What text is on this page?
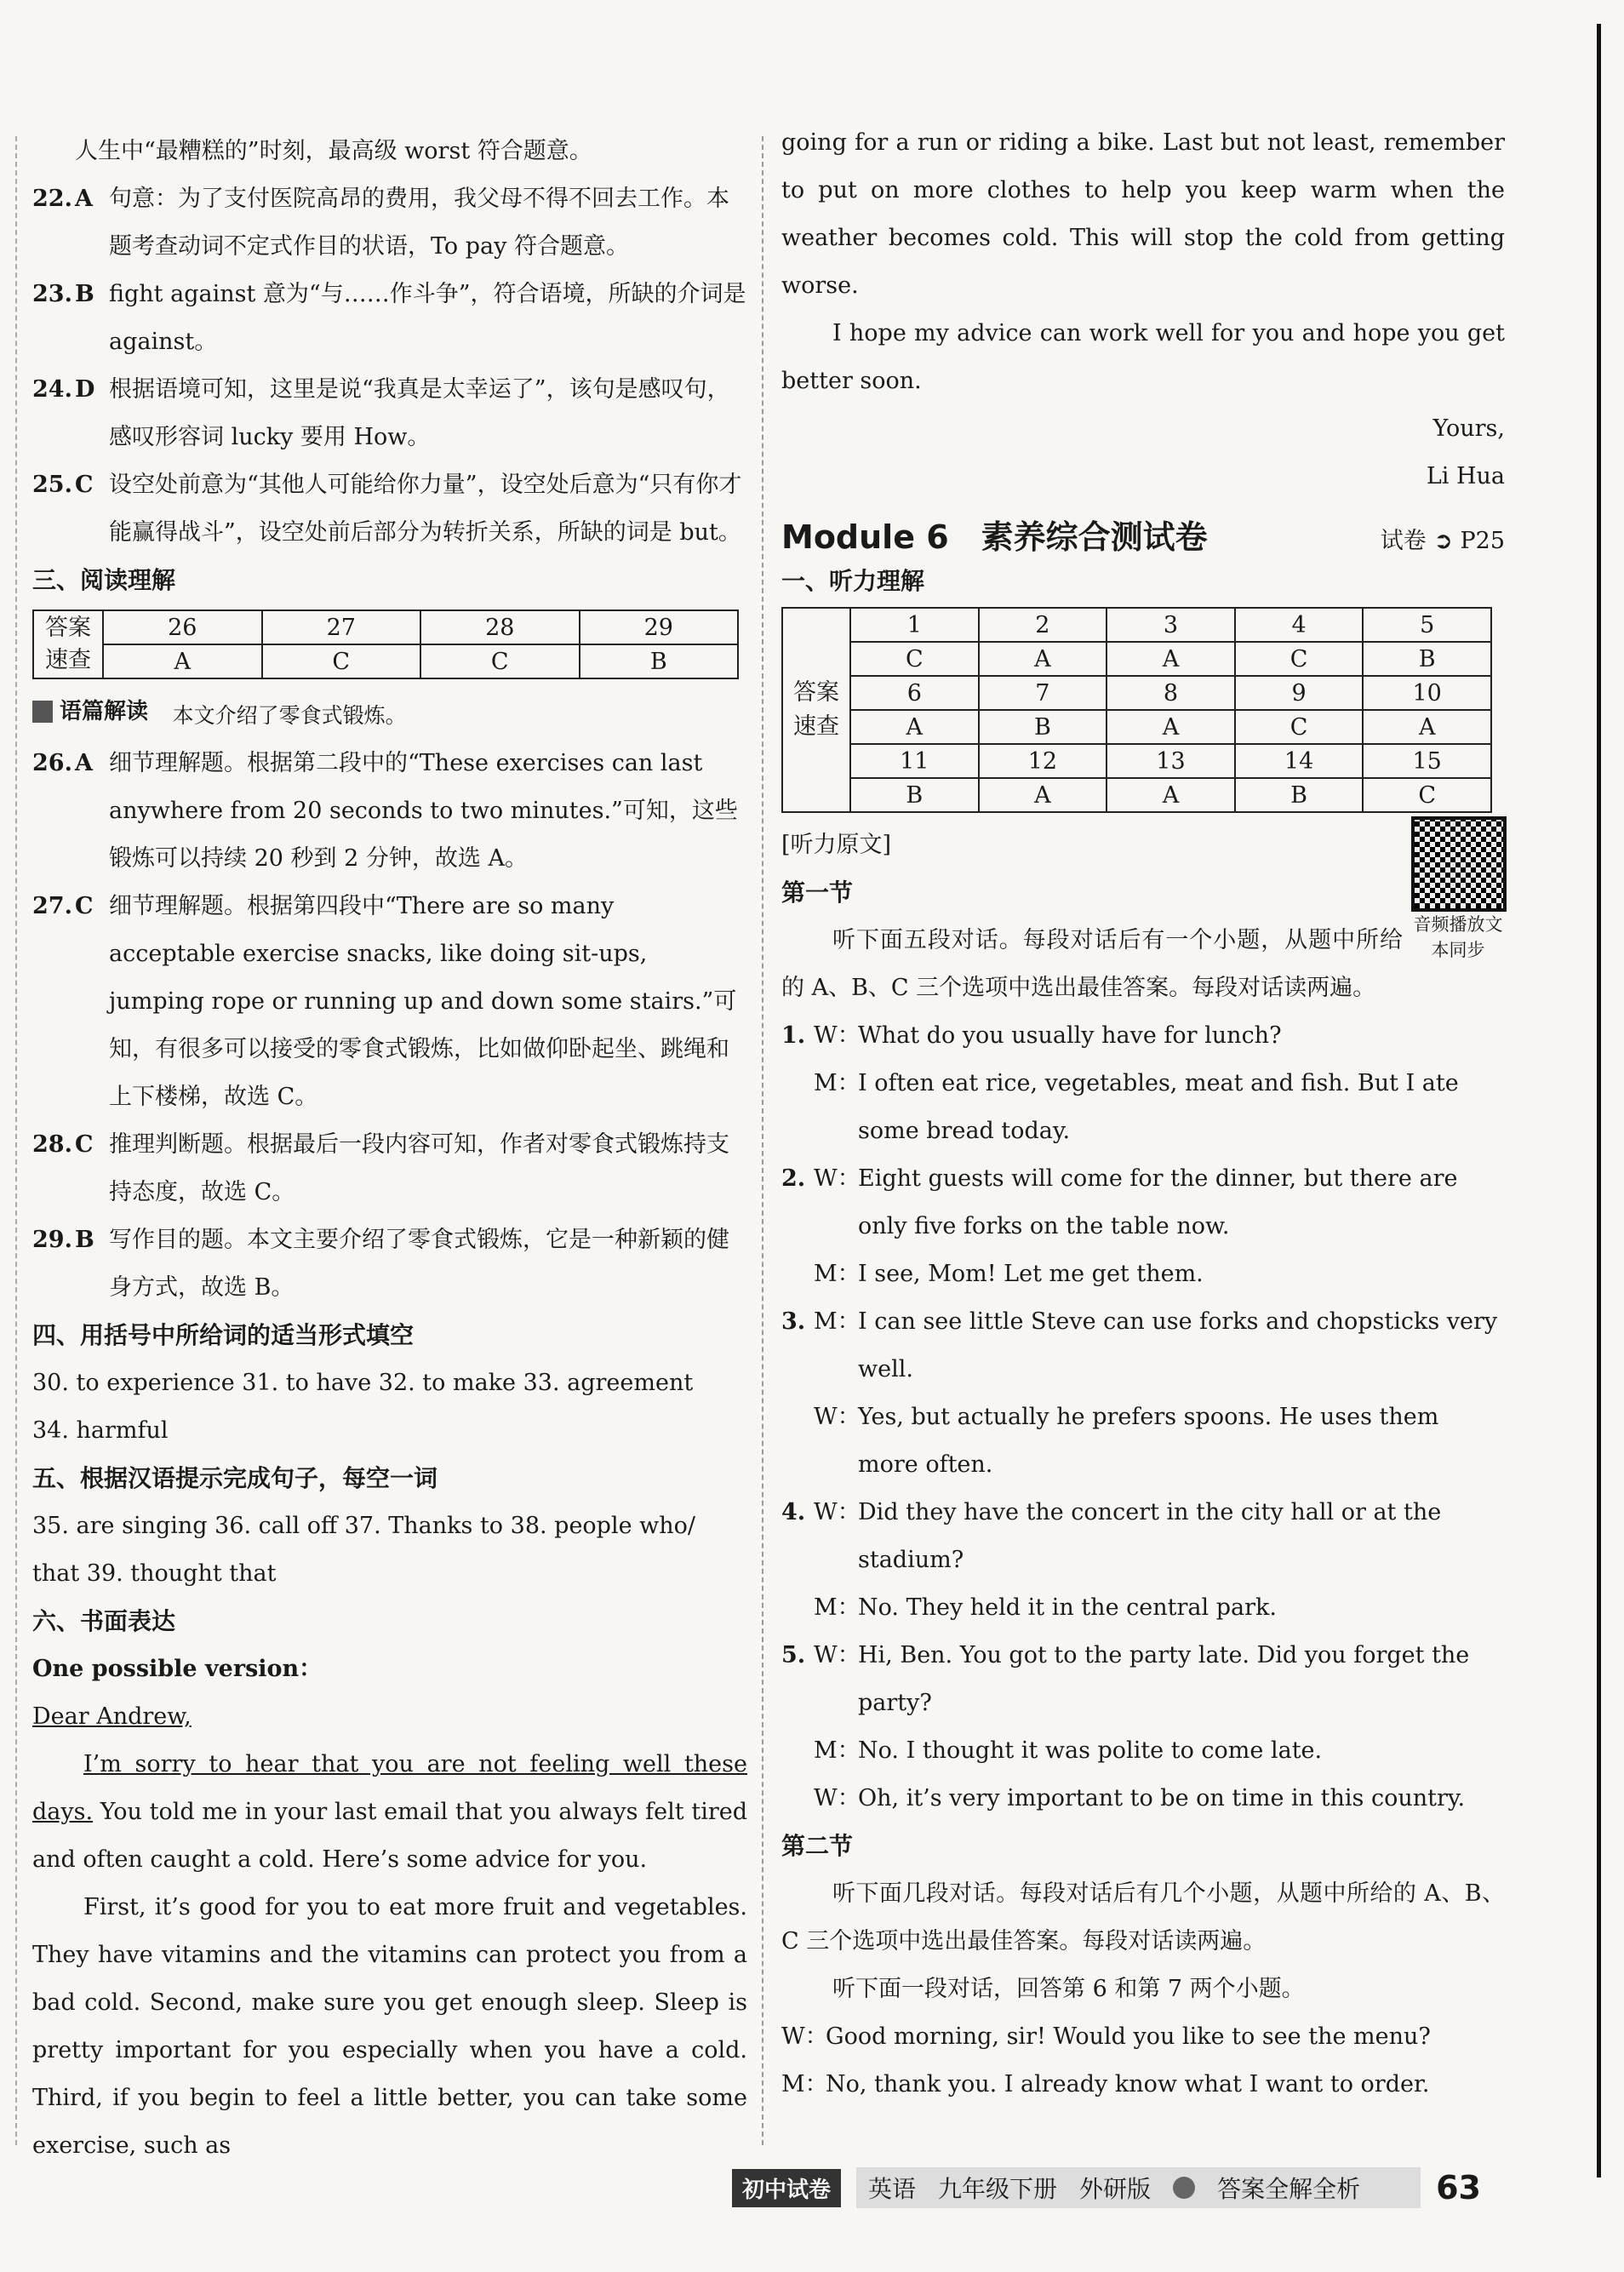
人生中“最糟糕的”时刻，最高级 worst 符合题意。

22. A 句意：为了支付医院高昂的费用，我父母不得不回去工作。本题考查动词不定式作目的状语，To pay 符合题意。
23. B fight against 意为“与……作斗争”，符合语境，所缺的介词是 against。
24. D 根据语境可知，这里是说“我真是太幸运了”，该句是感叹句，感叹形容词 lucky 要用 How。
25. C 设空处前意为“其他人可能给你力量”，设空处后意为“只有你才能赢得战斗”，设空处前后部分为转折关系，所缺的词是 but。

三、阅读理解

答案速查	26	27	28	29
	A	C	C	B
语篇解读 本文介绍了零食式锻炼。
26. A 细节理解题。根据第二段中的“These exercises can last anywhere from 20 seconds to two minutes.”可知，这些锻炼可以持续 20 秒到 2 分钟，故选 A。
27. C 细节理解题。根据第四段中“There are so many acceptable exercise snacks, like doing sit-ups, jumping rope or running up and down some stairs.”可知，有很多可以接受的零食式锻炼，比如做仰卧起坐、跳绳和上下楼梯，故选 C。
28. C 推理判断题。根据最后一段内容可知，作者对零食式锻炼持支持态度，故选 C。
29. B 写作目的题。本文主要介绍了零食式锻炼，它是一种新颖的健身方式，故选 B。

四、用括号中所给词的适当形式填空

30. to experience 31. to have 32. to make 33. agreement

34. harmful

五、根据汉语提示完成句子，每空一词

35. are singing 36. call off 37. Thanks to 38. people who/

that 39. thought that

六、书面表达

One possible version：

Dear Andrew,

I’m sorry to hear that you are not feeling well these days. You told me in your last email that you always felt tired and often caught a cold. Here’s some advice for you.

First, it’s good for you to eat more fruit and vegetables. They have vitamins and the vitamins can protect you from a bad cold. Second, make sure you get enough sleep. Sleep is pretty important for you especially when you have a cold. Third, if you begin to feel a little better, you can take some exercise, such as

going for a run or riding a bike. Last but not least, remember to put on more clothes to help you keep warm when the weather becomes cold. This will stop the cold from getting worse.

I hope my advice can work well for you and hope you get better soon.

Yours,

Li Hua

Module 6　素养综合测试卷	试卷 ➲ P25

一、听力理解

答案速查	1	2	3	4	5
	C	A	A	C	B
	6	7	8	9	10
	A	B	A	C	A
	11	12	13	14	15
	B	A	A	B	C
音频播放文本同步

[听力原文]

第一节

听下面五段对话。每段对话后有一个小题，从题中所给的 A、B、C 三个选项中选出最佳答案。每段对话读两遍。

1. W：
What do you usually have for lunch?
M：
I often eat rice, vegetables, meat and fish. But I ate some bread today.
2. W：
Eight guests will come for the dinner, but there are only five forks on the table now.
M：
I see, Mom! Let me get them.
3. M：
I can see little Steve can use forks and chopsticks very well.
W：
Yes, but actually he prefers spoons. He uses them more often.
4. W：
Did they have the concert in the city hall or at the stadium?
M：
No. They held it in the central park.
5. W：
Hi, Ben. You got to the party late. Did you forget the party?
M：
No. I thought it was polite to come late.
W：
Oh, it’s very important to be on time in this country.

第二节

听下面几段对话。每段对话后有几个小题，从题中所给的 A、B、C 三个选项中选出最佳答案。每段对话读两遍。

听下面一段对话，回答第 6 和第 7 两个小题。

W：
Good morning, sir! Would you like to see the menu?
M：
No, thank you. I already know what I want to order.
初中试卷	英语 九年级下册 外研版	答案全解全析 63
